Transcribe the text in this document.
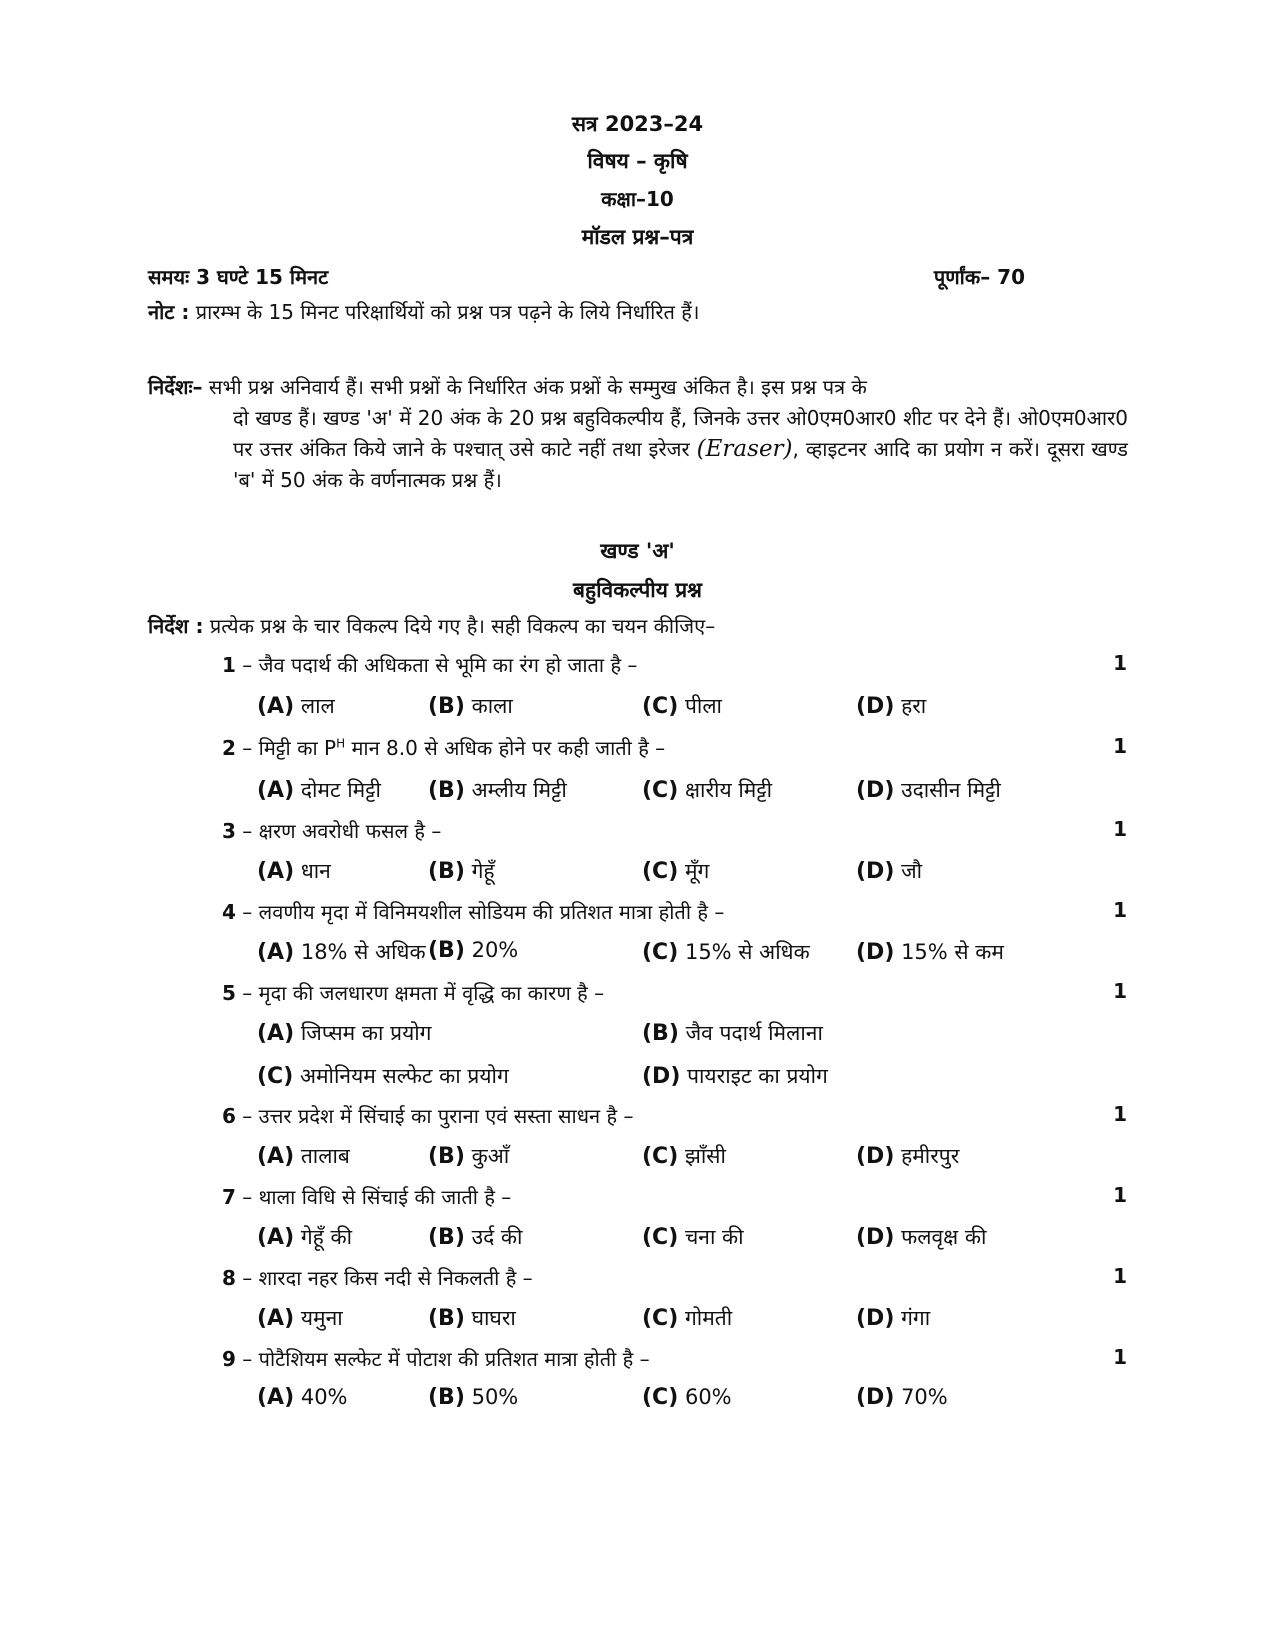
सत्र 2023–24
विषय – कृषि
कक्षा–10
मॉडल प्रश्न–पत्र
समयः 3 घण्टे 15 मिनट	पूर्णांक– 70
नोट : प्रारम्भ के 15 मिनट परिक्षार्थियों को प्रश्न पत्र पढ़ने के लिये निर्धारित हैं।
निर्देशः– सभी प्रश्न अनिवार्य हैं। सभी प्रश्नों के निर्धारित अंक प्रश्नों के सम्मुख अंकित है। इस प्रश्न पत्र के
दो खण्ड हैं। खण्ड 'अ' में 20 अंक के 20 प्रश्न बहुविकल्पीय हैं, जिनके उत्तर ओ0एम0आर0 शीट पर देने हैं। ओ0एम0आर0 पर उत्तर अंकित किये जाने के पश्चात् उसे काटे नहीं तथा इरेजर (Eraser), व्हाइटनर आदि का प्रयोग न करें। दूसरा खण्ड 'ब' में 50 अंक के वर्णनात्मक प्रश्न हैं।
खण्ड 'अ'
बहुविकल्पीय प्रश्न
निर्देश : प्रत्येक प्रश्न के चार विकल्प दिये गए है। सही विकल्प का चयन कीजिए–
1 – जैव पदार्थ की अधिकता से भूमि का रंग हो जाता है –	1
(A) लाल	(B) काला	(C) पीला	(D) हरा
2 – मिट्टी का $P^H$ मान 8.0 से अधिक होने पर कही जाती है –	1
(A) दोमट मिट्टी (B) अम्लीय मिट्टी	(C) क्षारीय मिट्टी	(D) उदासीन मिट्टी
3 – क्षरण अवरोधी फसल है –	1
(A) धान	(B) गेहूँ	(C) मूँग	(D) जौ
4 – लवणीय मृदा में विनिमयशील सोडियम की प्रतिशत मात्रा होती है –	1
(A) 18% से अधिक (B) 20%	(C) 15% से अधिक (D) 15% से कम
5 – मृदा की जलधारण क्षमता में वृद्धि का कारण है –	1
(A) जिप्सम का प्रयोग	(B) जैव पदार्थ मिलाना
(C) अमोनियम सल्फेट का प्रयोग	(D) पायराइट का प्रयोग
6 – उत्तर प्रदेश में सिंचाई का पुराना एवं सस्ता साधन है –	1
(A) तालाब	(B) कुआँ	(C) झाँसी	(D) हमीरपुर
7 – थाला विधि से सिंचाई की जाती है –	1
(A) गेहूँ की	(B) उर्द की	(C) चना की	(D) फलवृक्ष की
8 – शारदा नहर किस नदी से निकलती है –	1
(A) यमुना	(B) घाघरा	(C) गोमती	(D) गंगा
9 – पोटैशियम सल्फेट में पोटाश की प्रतिशत मात्रा होती है –	1
(A) 40%	(B) 50%	(C) 60%	(D) 70%
